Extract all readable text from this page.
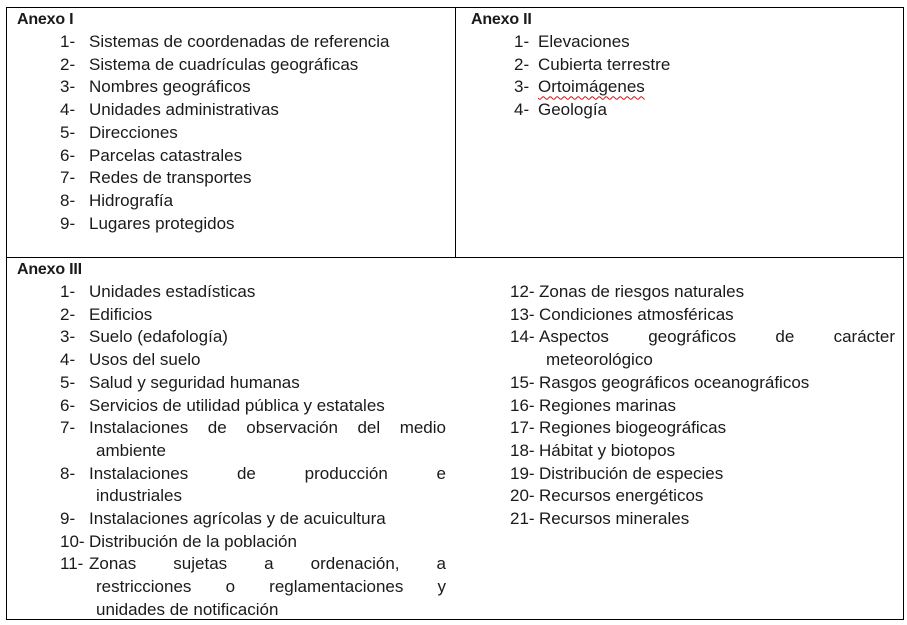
Anexo I
1- Sistemas de coordenadas de referencia
2- Sistema de cuadrículas geográficas
3- Nombres geográficos
4- Unidades administrativas
5- Direcciones
6- Parcelas catastrales
7- Redes de transportes
8- Hidrografía
9- Lugares protegidos
Anexo II
1- Elevaciones
2- Cubierta terrestre
3- Ortoimágenes
4- Geología
Anexo III
1- Unidades estadísticas
2- Edificios
3- Suelo (edafología)
4- Usos del suelo
5- Salud y seguridad humanas
6- Servicios de utilidad pública y estatales
7- Instalaciones de observación del medio
ambiente
8- Instalaciones de producción e
industriales
9- Instalaciones agrícolas y de acuicultura
10- Distribución de la población
11- Zonas sujetas a ordenación, a
restricciones o reglamentaciones y
unidades de notificación
12- Zonas de riesgos naturales
13- Condiciones atmosféricas
14- Aspectos geográficos de carácter
meteorológico
15- Rasgos geográficos oceanográficos
16- Regiones marinas
17- Regiones biogeográficas
18- Hábitat y biotopos
19- Distribución de especies
20- Recursos energéticos
21- Recursos minerales
